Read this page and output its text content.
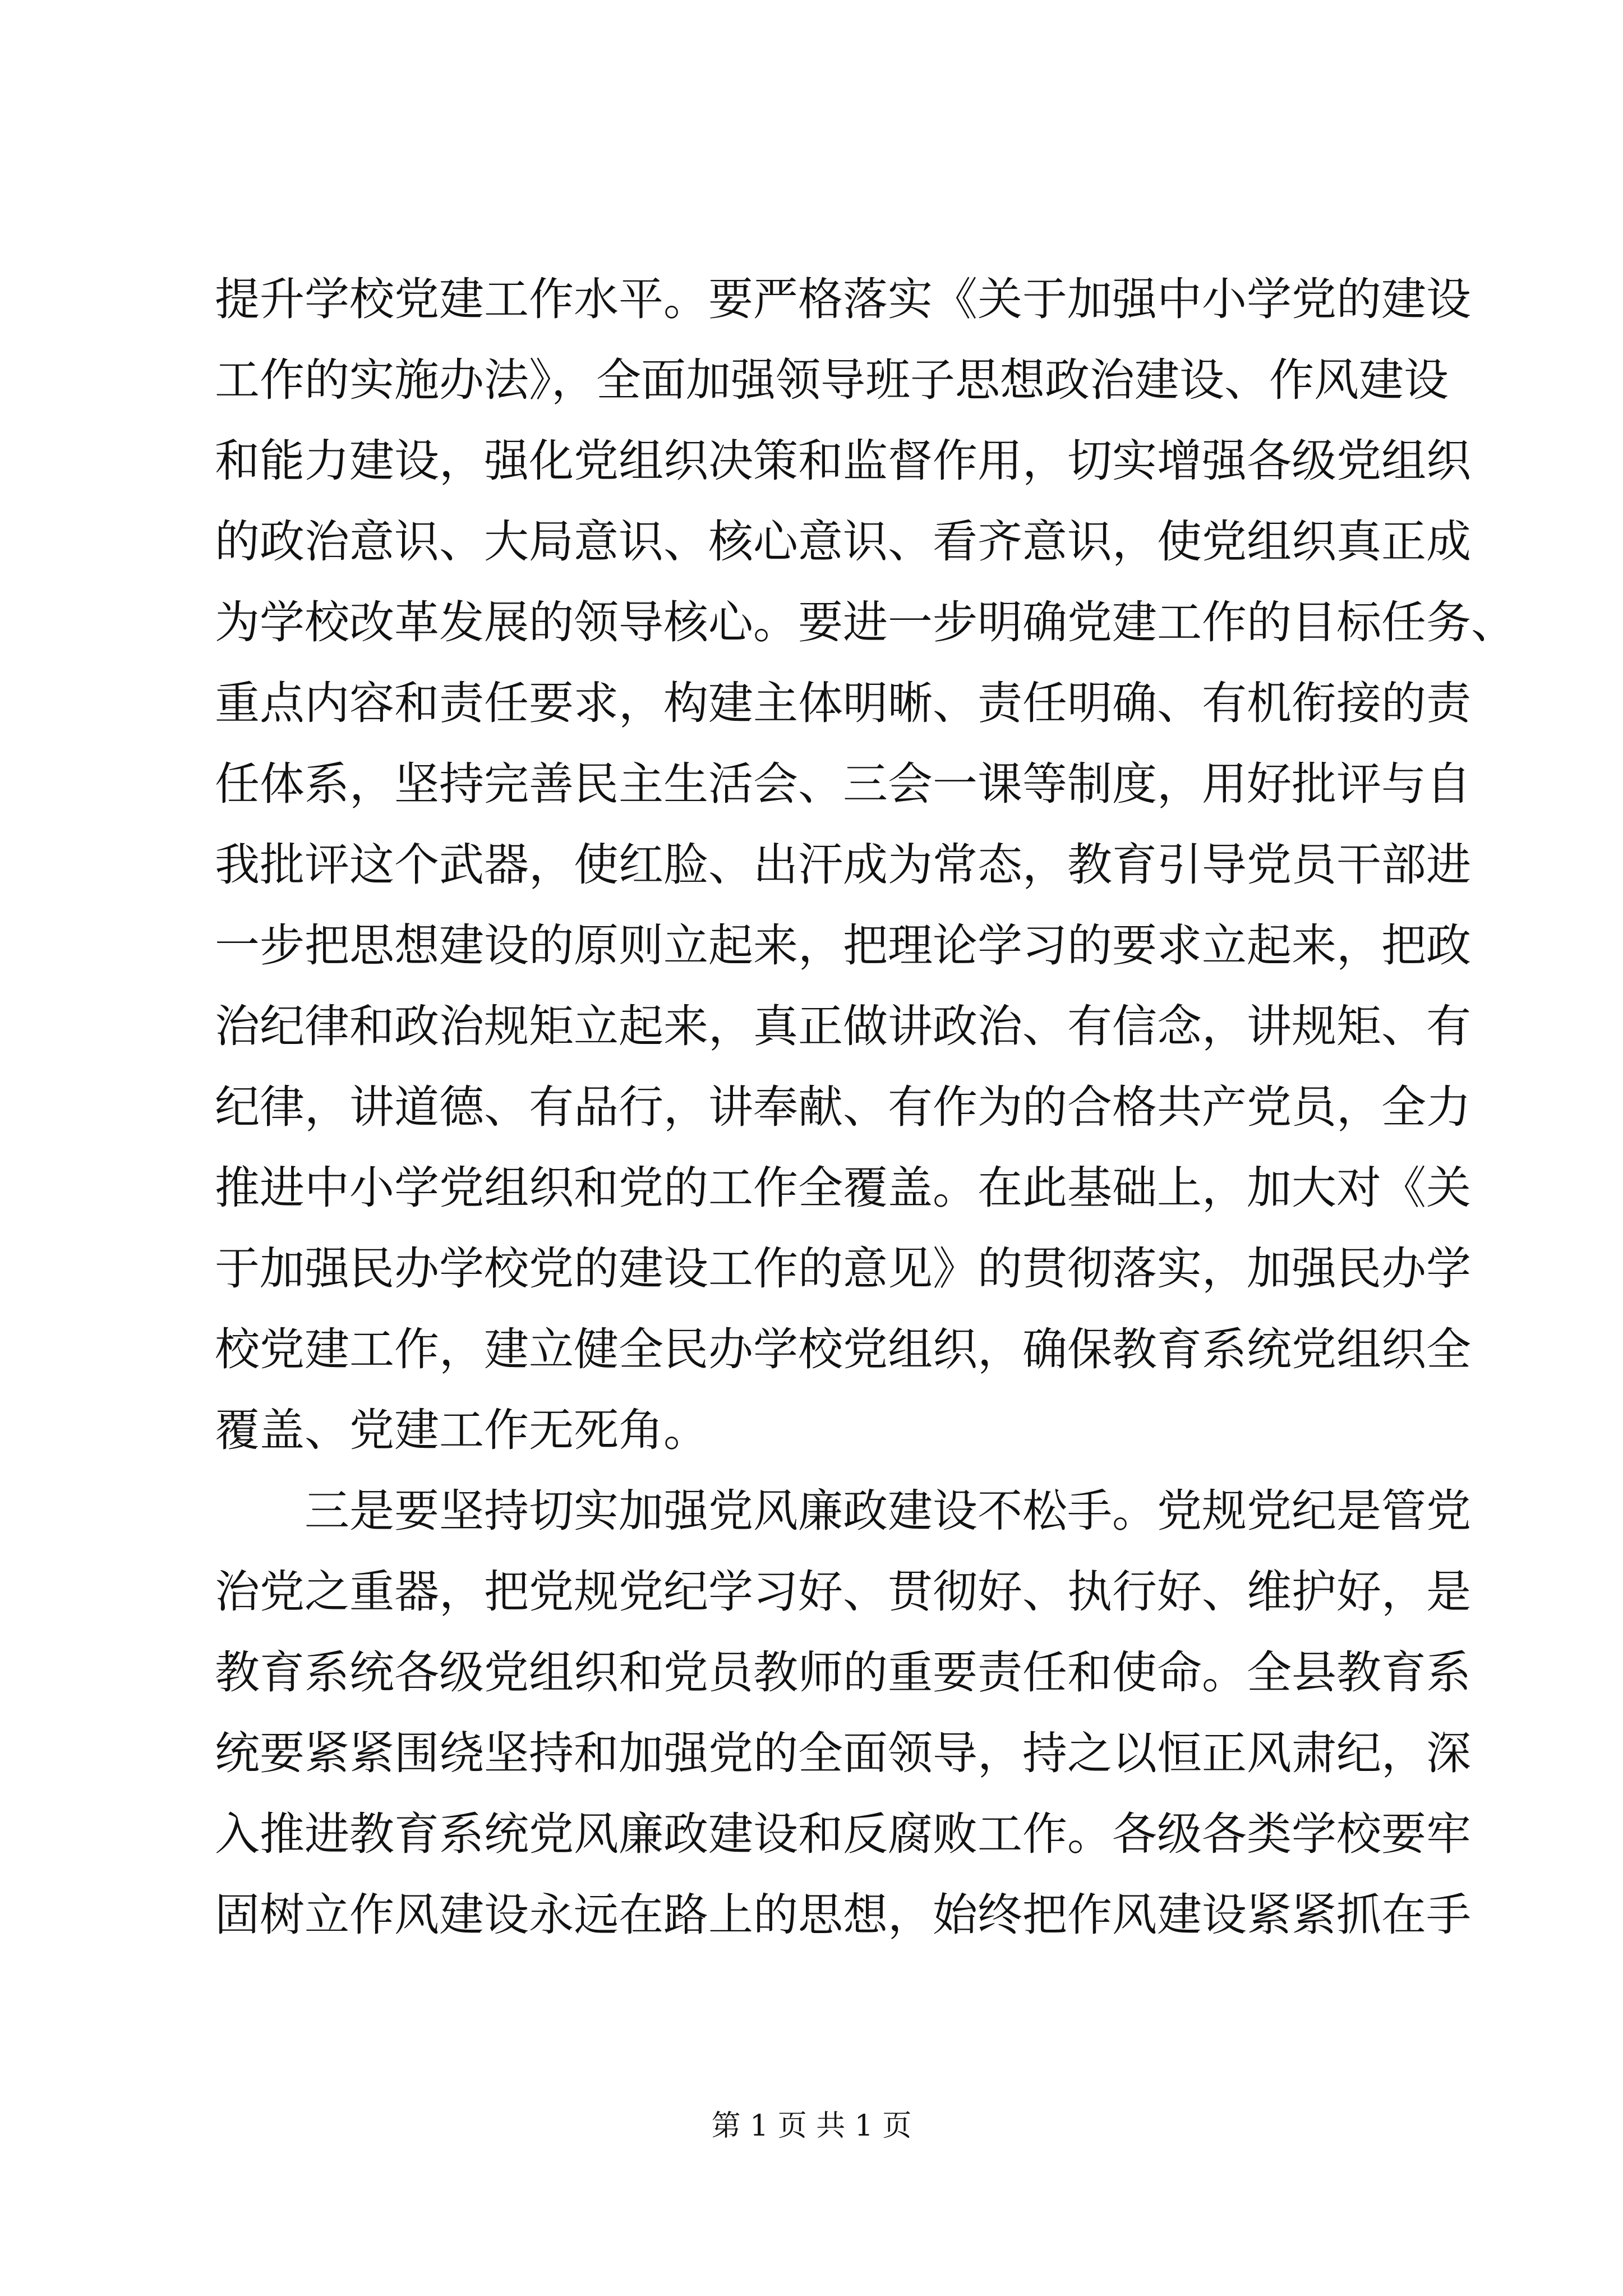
提升学校党建工作水平。要严格落实《关于加强中小学党的建设
工作的实施办法》，全面加强领导班子思想政治建设、作风建设
和能力建设，强化党组织决策和监督作用，切实增强各级党组织
的政治意识、大局意识、核心意识、看齐意识，使党组织真正成
为学校改革发展的领导核心。要进一步明确党建工作的目标任务、
重点内容和责任要求，构建主体明晰、责任明确、有机衔接的责
任体系，坚持完善民主生活会、三会一课等制度，用好批评与自
我批评这个武器，使红脸、出汗成为常态，教育引导党员干部进
一步把思想建设的原则立起来，把理论学习的要求立起来，把政
治纪律和政治规矩立起来，真正做讲政治、有信念，讲规矩、有
纪律，讲道德、有品行，讲奉献、有作为的合格共产党员，全力
推进中小学党组织和党的工作全覆盖。在此基础上，加大对《关
于加强民办学校党的建设工作的意见》的贯彻落实，加强民办学
校党建工作，建立健全民办学校党组织，确保教育系统党组织全
覆盖、党建工作无死角。
三是要坚持切实加强党风廉政建设不松手。党规党纪是管党
治党之重器，把党规党纪学习好、贯彻好、执行好、维护好，是
教育系统各级党组织和党员教师的重要责任和使命。全县教育系
统要紧紧围绕坚持和加强党的全面领导，持之以恒正风肃纪，深
入推进教育系统党风廉政建设和反腐败工作。各级各类学校要牢
固树立作风建设永远在路上的思想，始终把作风建设紧紧抓在手
第 1 页 共 1 页
